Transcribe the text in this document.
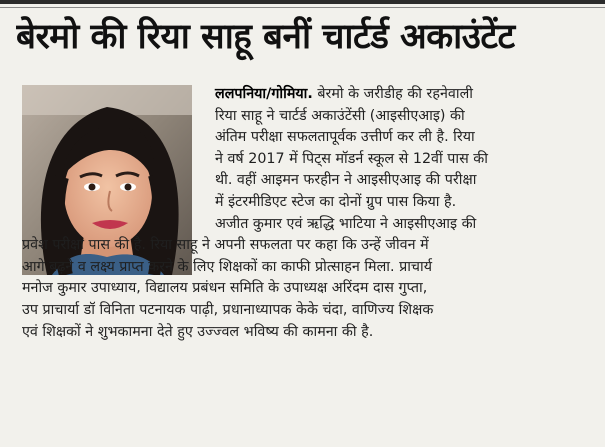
बेरमो की रिया साहू बनीं चार्टर्ड अकाउंटेंट
ललपनिया/गोमिया. बेरमो के जरीडीह की रहनेवाली
रिया साहू ने चार्टर्ड अकाउंटेंसी (आइसीएआइ) की
अंतिम परीक्षा सफलतापूर्वक उत्तीर्ण कर ली है. रिया
ने वर्ष 2017 में पिट्स मॉडर्न स्कूल से 12वीं पास की
थी. वहीं आइमन फरहीन ने आइसीएआइ की परीक्षा
में इंटरमीडिएट स्टेज का दोनों ग्रुप पास किया है.
अजीत कुमार एवं ऋद्धि भाटिया ने आइसीएआइ की
प्रवेश परीक्षा पास की है. रिया साहू ने अपनी सफलता पर कहा कि उन्हें जीवन में
आगे बढ़ने व लक्ष्य प्राप्त करने के लिए शिक्षकों का काफी प्रोत्साहन मिला. प्राचार्य
मनोज कुमार उपाध्याय, विद्यालय प्रबंधन समिति के उपाध्यक्ष अरिंदम दास गुप्ता,
उप प्राचार्या डॉ विनिता पटनायक पाढ़ी, प्रधानाध्यापक केके चंदा, वाणिज्य शिक्षक
एवं शिक्षकों ने शुभकामना देते हुए उज्ज्वल भविष्य की कामना की है.
